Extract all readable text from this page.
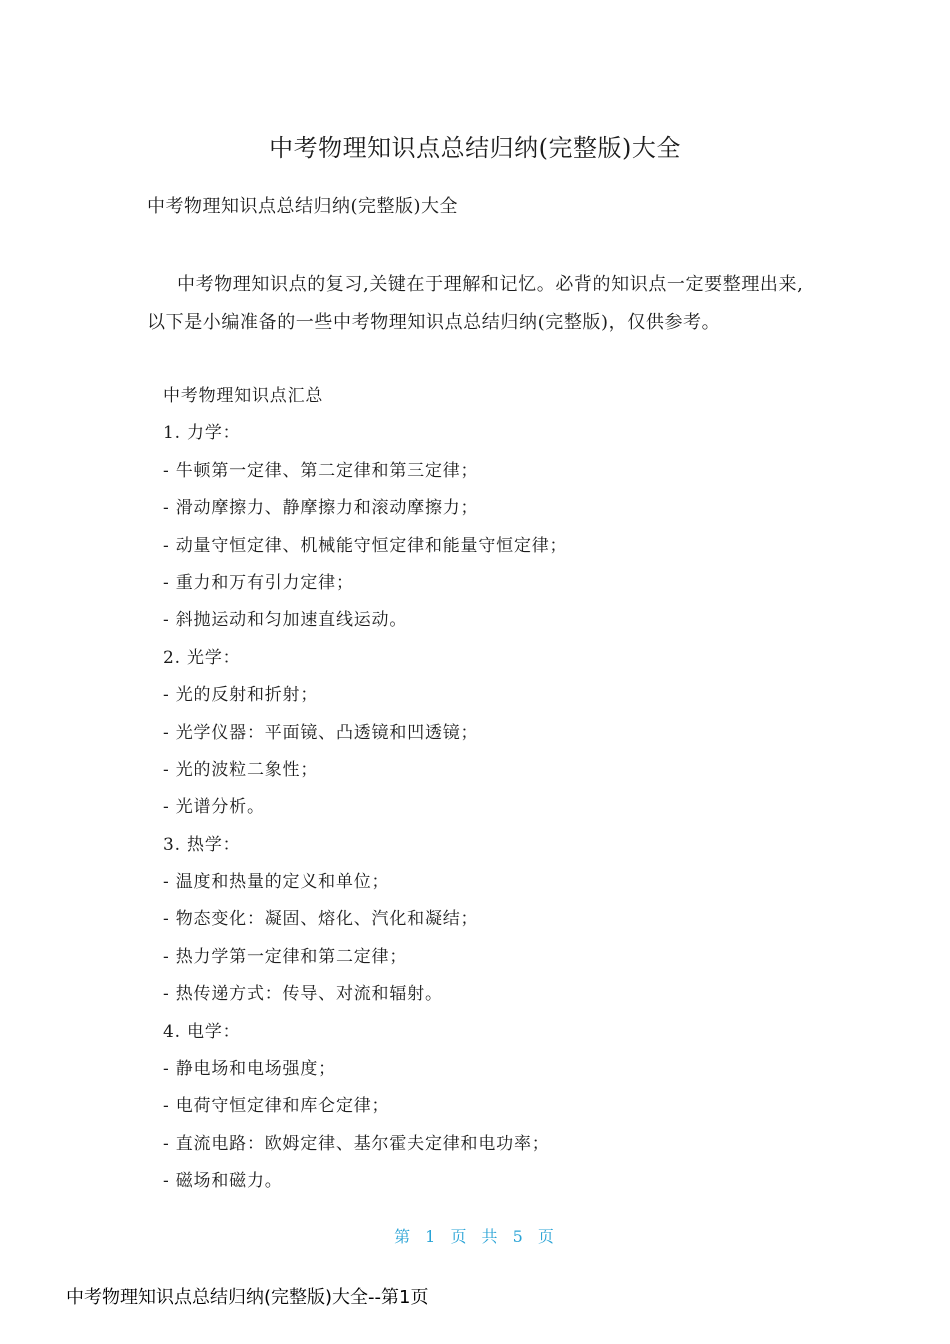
中考物理知识点总结归纳(完整版)大全
中考物理知识点总结归纳(完整版)大全
中考物理知识点的复习,关键在于理解和记忆。必背的知识点一定要整理出来,以下是小编准备的一些中考物理知识点总结归纳(完整版)，仅供参考。
中考物理知识点汇总
1. 力学：
- 牛顿第一定律、第二定律和第三定律；
- 滑动摩擦力、静摩擦力和滚动摩擦力；
- 动量守恒定律、机械能守恒定律和能量守恒定律；
- 重力和万有引力定律；
- 斜抛运动和匀加速直线运动。
2. 光学：
- 光的反射和折射；
- 光学仪器：平面镜、凸透镜和凹透镜；
- 光的波粒二象性；
- 光谱分析。
3. 热学：
- 温度和热量的定义和单位；
- 物态变化：凝固、熔化、汽化和凝结；
- 热力学第一定律和第二定律；
- 热传递方式：传导、对流和辐射。
4. 电学：
- 静电场和电场强度；
- 电荷守恒定律和库仑定律；
- 直流电路：欧姆定律、基尔霍夫定律和电功率；
- 磁场和磁力。
第 1 页 共 5 页
中考物理知识点总结归纳(完整版)大全--第1页
